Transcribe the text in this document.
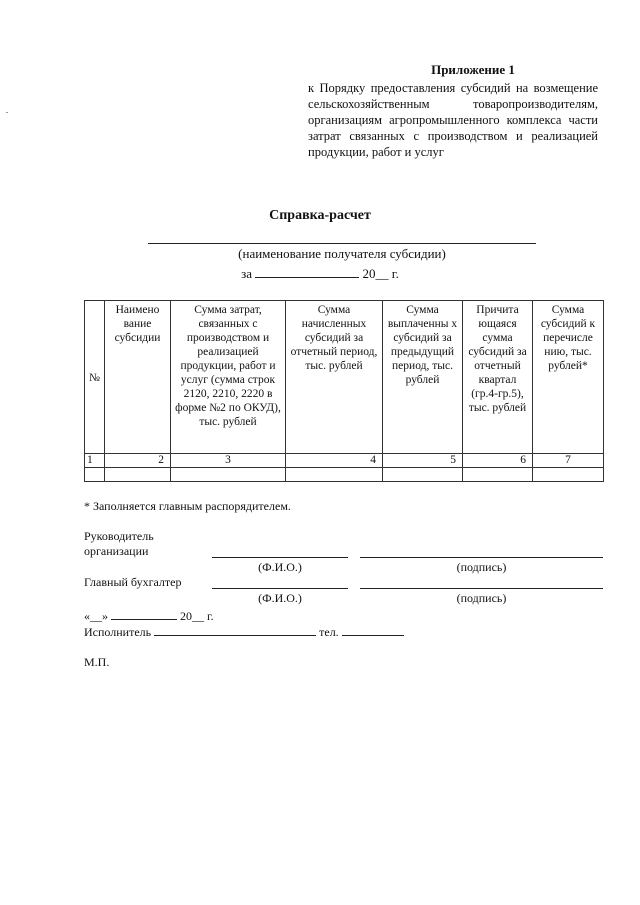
Приложение 1
к Порядку предоставления субсидий на возмещение сельскохозяйственным товаропроизводителям, организациям агропромышленного комплекса части затрат связанных с производством и реализацией продукции, работ и услуг
Справка-расчет
(наименование получателя субсидии)
за	20__ г.
№	Наимено вание субсидии	Сумма затрат, связанных с производством и реализацией продукции, работ и услуг (сумма строк 2120, 2210, 2220 в форме №2 по ОКУД), тыс. рублей	Сумма начисленных субсидий за отчетный период, тыс. рублей	Сумма выплаченны х субсидий за предыдущий период, тыс. рублей	Причита ющаяся сумма субсидий за отчетный квартал (гр.4-гр.5), тыс. рублей	Сумма субсидий к перечисле нию, тыс. рублей*
1	2	3	4	5	6	7

* Заполняется главным распорядителем.
Руководитель
организации
(Ф.И.О.)	(подпись)
Главный бухгалтер
(Ф.И.О.)	(подпись)
«__»	20__ г.
Исполнитель	тел.
М.П.
